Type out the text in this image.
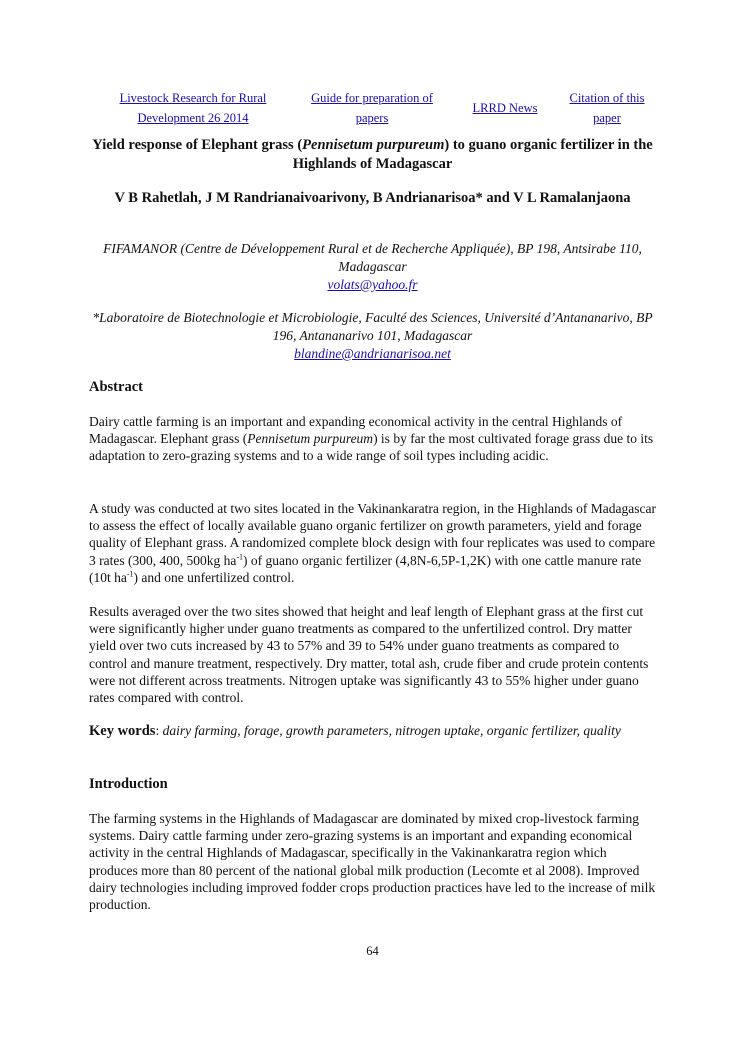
Livestock Research for Rural
Development 26 2014
Guide for preparation of
papers
LRRD News
Citation of this
paper
Yield response of Elephant grass (Pennisetum purpureum) to guano organic fertilizer in the Highlands of Madagascar

V B Rahetlah, J M Randrianaivoarivony, B Andrianarisoa* and V L Ramalanjaona

FIFAMANOR (Centre de Développement Rural et de Recherche Appliquée), BP 198, Antsirabe 110, Madagascar
volats@yahoo.fr

*Laboratoire de Biotechnologie et Microbiologie, Faculté des Sciences, Université d’Antananarivo, BP 196, Antananarivo 101, Madagascar
blandine@andrianarisoa.net

Abstract

Dairy cattle farming is an important and expanding economical activity in the central Highlands of Madagascar. Elephant grass (Pennisetum purpureum) is by far the most cultivated forage grass due to its adaptation to zero-grazing systems and to a wide range of soil types including acidic.

A study was conducted at two sites located in the Vakinankaratra region, in the Highlands of Madagascar to assess the effect of locally available guano organic fertilizer on growth parameters, yield and forage quality of Elephant grass. A randomized complete block design with four replicates was used to compare 3 rates (300, 400, 500kg $ha^{-1}$) of guano organic fertilizer (4,8N-6,5P-1,2K) with one cattle manure rate (10t $ha^{-1}$) and one unfertilized control.

Results averaged over the two sites showed that height and leaf length of Elephant grass at the first cut were significantly higher under guano treatments as compared to the unfertilized control. Dry matter yield over two cuts increased by 43 to 57% and 39 to 54% under guano treatments as compared to control and manure treatment, respectively. Dry matter, total ash, crude fiber and crude protein contents were not different across treatments. Nitrogen uptake was significantly 43 to 55% higher under guano rates compared with control.

Key words: dairy farming, forage, growth parameters, nitrogen uptake, organic fertilizer, quality

Introduction

The farming systems in the Highlands of Madagascar are dominated by mixed crop-livestock farming systems. Dairy cattle farming under zero-grazing systems is an important and expanding economical activity in the central Highlands of Madagascar, specifically in the Vakinankaratra region which produces more than 80 percent of the national global milk production (Lecomte et al 2008). Improved dairy technologies including improved fodder crops production practices have led to the increase of milk production.

64
